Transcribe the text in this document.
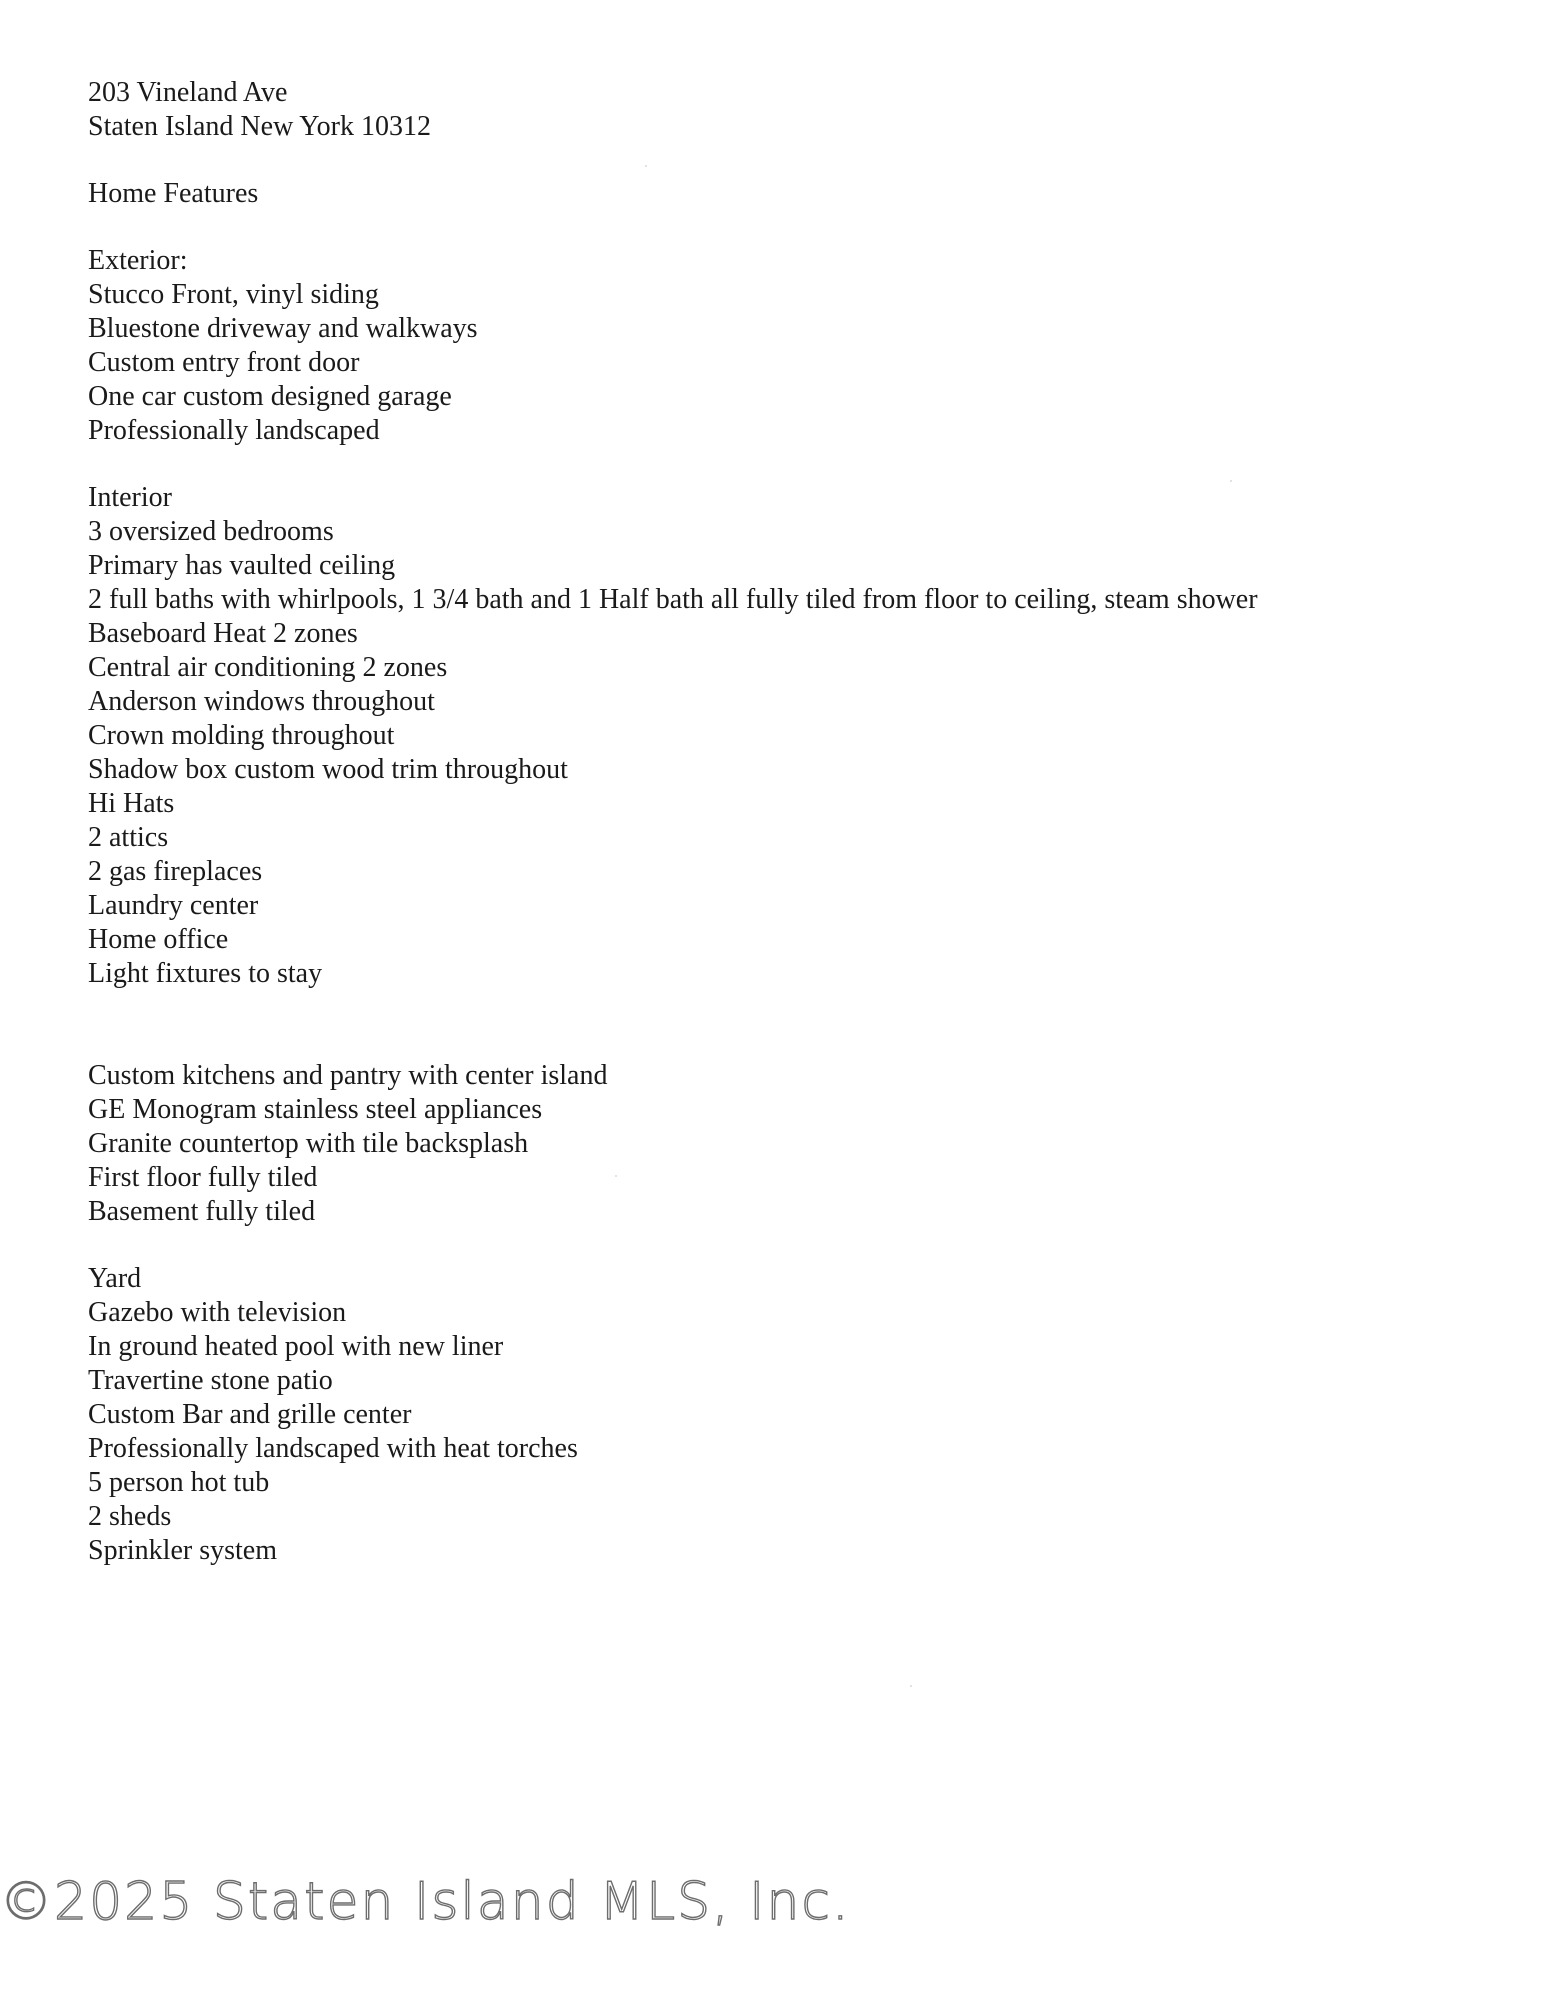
203 Vineland Ave
Staten Island New York 10312
Home Features
Exterior:
Stucco Front, vinyl siding
Bluestone driveway and walkways
Custom entry front door
One car custom designed garage
Professionally landscaped
Interior
3 oversized bedrooms
Primary has vaulted ceiling
2 full baths with whirlpools, 1 3/4 bath and 1 Half bath all fully tiled from floor to ceiling, steam shower
Baseboard Heat 2 zones
Central air conditioning 2 zones
Anderson windows throughout
Crown molding throughout
Shadow box custom wood trim throughout
Hi Hats
2 attics
2 gas fireplaces
Laundry center
Home office
Light fixtures to stay
Custom kitchens and pantry with center island
GE Monogram stainless steel appliances
Granite countertop with tile backsplash
First floor fully tiled
Basement fully tiled
Yard
Gazebo with television
In ground heated pool with new liner
Travertine stone patio
Custom Bar and grille center
Professionally landscaped with heat torches
5 person hot tub
2 sheds
Sprinkler system
©2025 Staten Island MLS, Inc.
